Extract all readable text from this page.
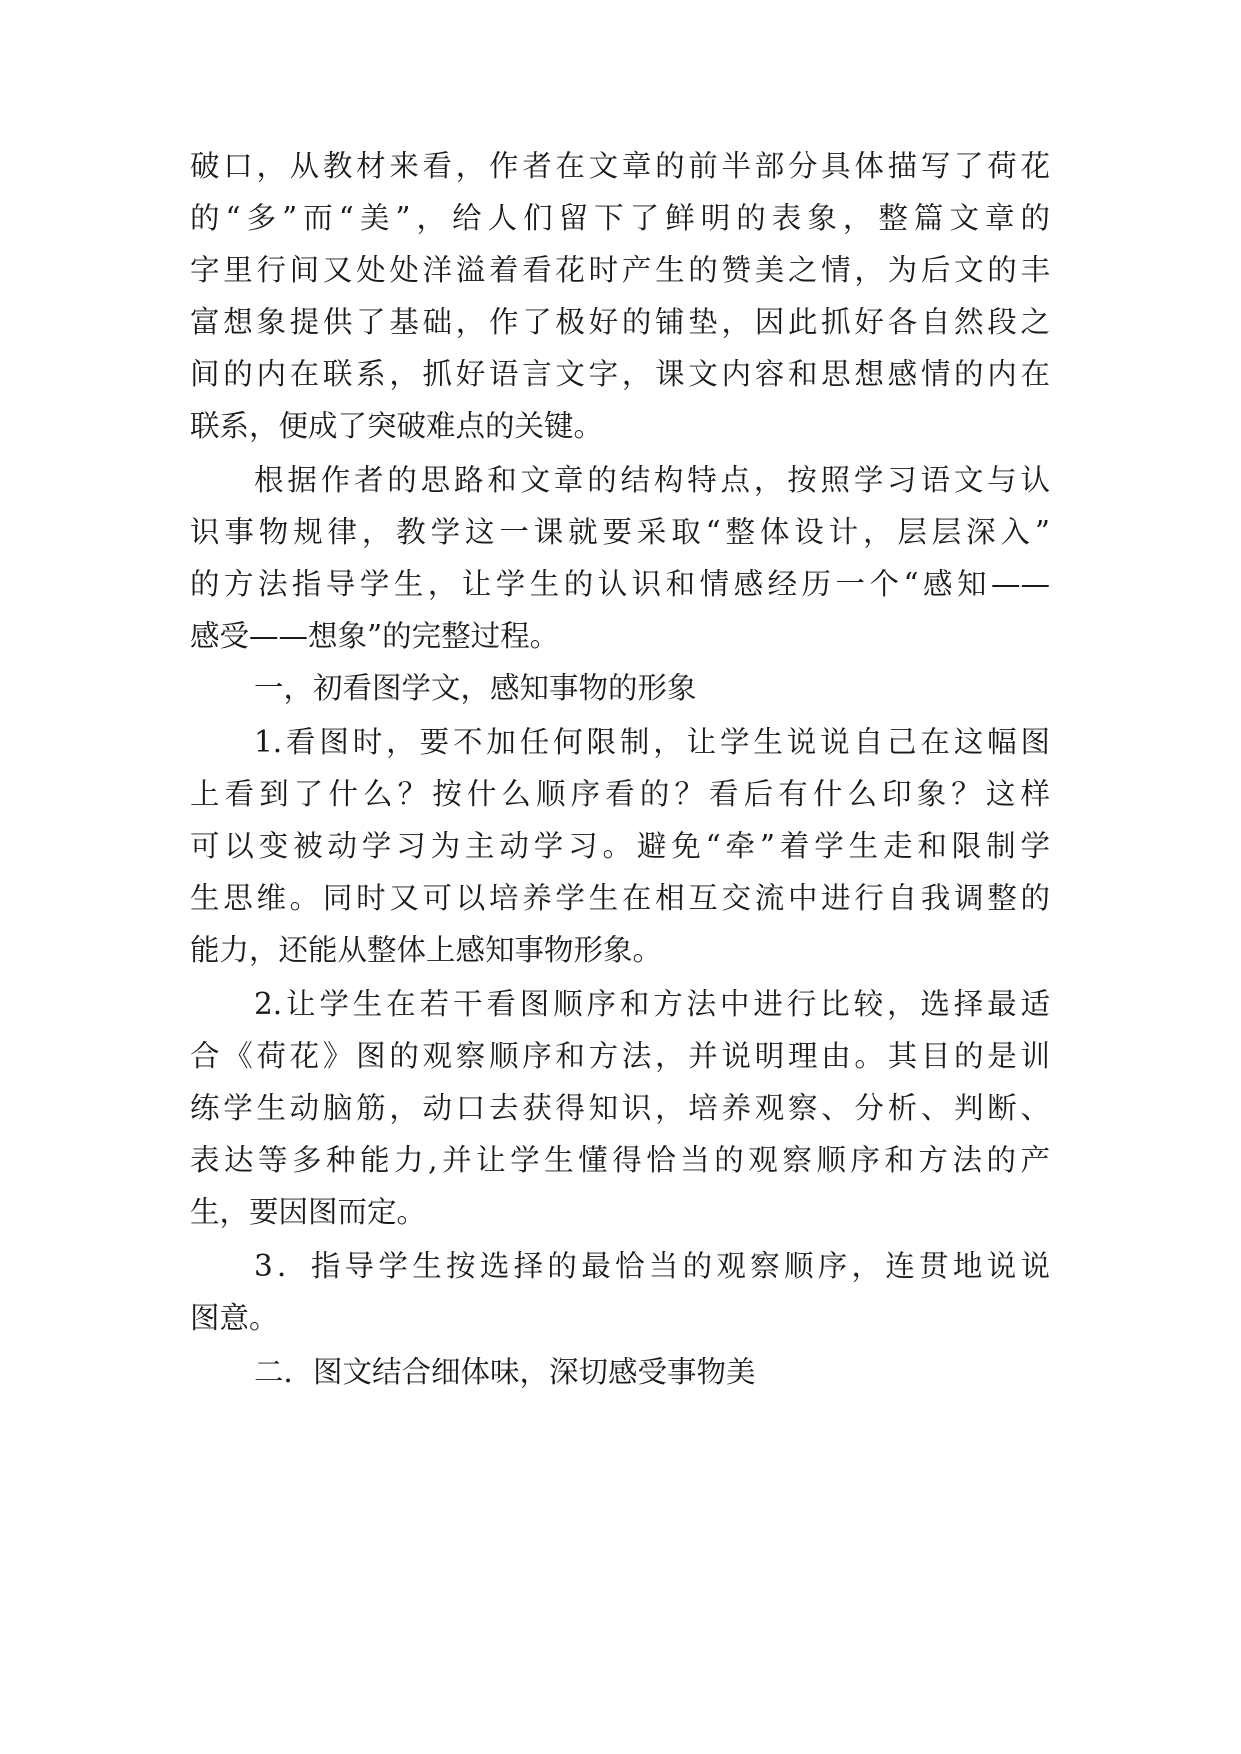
破口，从教材来看，作者在文章的前半部分具体描写了荷花
的“多”而“美”，给人们留下了鲜明的表象，整篇文章的
字里行间又处处洋溢着看花时产生的赞美之情，为后文的丰
富想象提供了基础，作了极好的铺垫，因此抓好各自然段之
间的内在联系，抓好语言文字，课文内容和思想感情的内在
联系，便成了突破难点的关键。
根据作者的思路和文章的结构特点，按照学习语文与认
识事物规律，教学这一课就要采取“整体设计，层层深入”
的方法指导学生，让学生的认识和情感经历一个“感知——
感受——想象”的完整过程。
一，初看图学文，感知事物的形象
1.看图时，要不加任何限制，让学生说说自己在这幅图
上看到了什么？按什么顺序看的？看后有什么印象？这样
可以变被动学习为主动学习。避免“牵”着学生走和限制学
生思维。同时又可以培养学生在相互交流中进行自我调整的
能力，还能从整体上感知事物形象。
2.让学生在若干看图顺序和方法中进行比较，选择最适
合《荷花》图的观察顺序和方法，并说明理由。其目的是训
练学生动脑筋，动口去获得知识，培养观察、分析、判断、
表达等多种能力,并让学生懂得恰当的观察顺序和方法的产
生，要因图而定。
3．指导学生按选择的最恰当的观察顺序，连贯地说说
图意。
二．图文结合细体味，深切感受事物美
